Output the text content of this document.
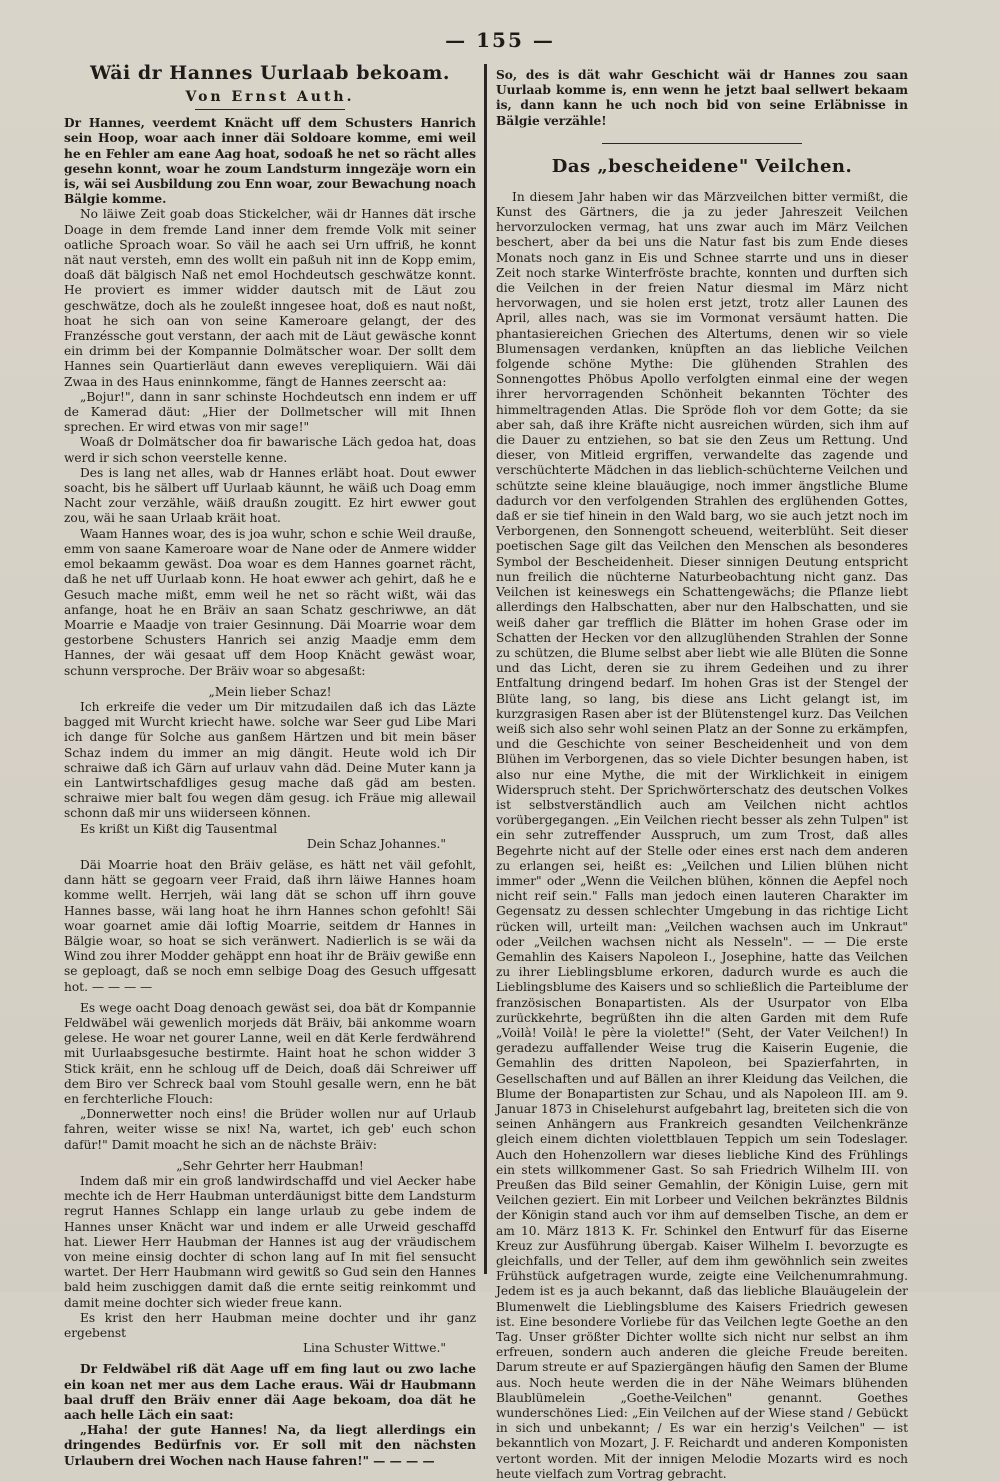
— 155 —
Wäi dr Hannes Uurlaab bekoam.
Von Ernst Auth.

Dr Hannes, veerdemt Knächt uff dem Schusters Hanrich sein Hoop, woar aach inner däi Soldoare komme, emi weil he en Fehler am eane Aag hoat, sodoaß he net so rächt alles gesehn konnt, woar he zoum Landsturm inngezäje worn ein is, wäi sei Ausbildung zou Enn woar, zour Bewachung noach Bälgie komme.

No läiwe Zeit goab doas Stickelcher, wäi dr Hannes dät irsche Doage in dem fremde Land inner dem fremde Volk mit seiner oatliche Sproach woar. So väil he aach sei Urn uffriß, he konnt nät naut versteh, emn des wollt ein paßuh nit inn de Kopp emim, doaß dät bälgisch Naß net emol Hochdeutsch geschwätze konnt. He proviert es immer widder dautsch mit de Läut zou geschwätze, doch als he zouleßt inngesee hoat, doß es naut noßt, hoat he sich oan von seine Kameroare gelangt, der des Franzéssche gout verstann, der aach mit de Läut gewäsche konnt ein drimm bei der Kompannie Dolmätscher woar. Der sollt dem Hannes sein Quartierläut dann eweves verepliquiern. Wäi däi Zwaa in des Haus eninnkomme, fängt de Hannes zeerscht aa:

„Bojur!", dann in sanr schinste Hochdeutsch enn indem er uff de Kamerad däut: „Hier der Dollmetscher will mit Ihnen sprechen. Er wird etwas von mir sage!"

Woaß dr Dolmätscher doa fir bawarische Läch gedoa hat, doas werd ir sich schon veerstelle kenne.

Des is lang net alles, wab dr Hannes erläbt hoat. Dout ewwer soacht, bis he sälbert uff Uurlaab käunnt, he wäiß uch Doag emm Nacht zour verzähle, wäiß draußn zougitt. Ez hirt ewwer gout zou, wäi he saan Urlaab kräit hoat.

Waam Hannes woar, des is joa wuhr, schon e schie Weil drauße, emm von saane Kameroare woar de Nane oder de Anmere widder emol bekaamm gewäst. Doa woar es dem Hannes goarnet rächt, daß he net uff Uurlaab konn. He hoat ewwer ach gehirt, daß he e Gesuch mache mißt, emm weil he net so rächt wißt, wäi das anfange, hoat he en Bräiv an saan Schatz geschriwwe, an dät Moarrie e Maadje von traier Gesinnung. Däi Moarrie woar dem gestorbene Schusters Hanrich sei anzig Maadje emm dem Hannes, der wäi gesaat uff dem Hoop Knächt gewäst woar, schunn versproche. Der Bräiv woar so abgesaßt:

„Mein lieber Schaz!

Ich erkreife die veder um Dir mitzudailen daß ich das Läzte bagged mit Wurcht kriecht hawe. solche war Seer gud Libe Mari ich dange für Solche aus ganßem Härtzen und bit mein bäser Schaz indem du immer an mig dängit. Heute wold ich Dir schraiwe daß ich Gärn auf urlauv vahn däd. Deine Muter kann ja ein Lantwirtschafdliges gesug mache daß gäd am besten. schraiwe mier balt fou wegen däm gesug. ich Fräue mig allewail schonn daß mir uns wiiderseen können.

Es krißt un Kißt dig Tausentmal

Dein Schaz Johannes."

Däi Moarrie hoat den Bräiv geläse, es hätt net väil gefohlt, dann hätt se gegoarn veer Fraid, daß ihrn läiwe Hannes hoam komme wellt. Herrjeh, wäi lang dät se schon uff ihrn gouve Hannes basse, wäi lang hoat he ihrn Hannes schon gefohlt! Säi woar goarnet amie däi loftig Moarrie, seitdem dr Hannes in Bälgie woar, so hoat se sich veränwert. Nadierlich is se wäi da Wind zou ihrer Modder gehäppt enn hoat ihr de Bräiv gewiße enn se geploagt, daß se noch emn selbige Doag des Gesuch uffgesatt hot. — — — —

Es wege oacht Doag denoach gewäst sei, doa bät dr Kompannie Feldwäbel wäi gewenlich morjeds dät Bräiv, bäi ankomme woarn gelese. He woar net gourer Lanne, weil en dät Kerle ferdwährend mit Uurlaabsgesuche bestirmte. Haint hoat he schon widder 3 Stick kräit, enn he schloug uff de Deich, doaß däi Schreiwer uff dem Biro ver Schreck baal vom Stouhl gesalle wern, enn he bät en ferchterliche Flouch:

„Donnerwetter noch eins! die Brüder wollen nur auf Urlaub fahren, weiter wisse se nix! Na, wartet, ich geb' euch schon dafür!" Damit moacht he sich an de nächste Bräiv:

„Sehr Gehrter herr Haubman!

Indem daß mir ein groß landwirdschaffd und viel Aecker habe mechte ich de Herr Haubman unterdäunigst bitte dem Landsturm regrut Hannes Schlapp ein lange urlaub zu gebe indem de Hannes unser Knächt war und indem er alle Urweid geschaffd hat. Liewer Herr Haubman der Hannes ist aug der vräudischem von meine einsig dochter di schon lang auf In mit fiel sensucht wartet. Der Herr Haubmann wird gewitß so Gud sein den Hannes bald heim zuschiggen damit daß die ernte seitig reinkommt und damit meine dochter sich wieder freue kann.

Es krist den herr Haubman meine dochter und ihr ganz ergebenst

Lina Schuster Wittwe."

Dr Feldwäbel riß dät Aage uff em fing laut ou zwo lache ein koan net mer aus dem Lache eraus. Wäi dr Haubmann baal druff den Bräiv enner däi Aage bekoam, doa dät he aach helle Läch ein saat:

„Haha! der gute Hannes! Na, da liegt allerdings ein dringendes Bedürfnis vor. Er soll mit den nächsten Urlaubern drei Wochen nach Hause fahren!" — — — —

So, des is dät wahr Geschicht wäi dr Hannes zou saan Uurlaab komme is, enn wenn he jetzt baal sellwert bekaam is, dann kann he uch noch bid von seine Erläbnisse in Bälgie verzähle!

Das „bescheidene" Veilchen.

In diesem Jahr haben wir das Märzveilchen bitter vermißt, die Kunst des Gärtners, die ja zu jeder Jahreszeit Veilchen hervorzulocken vermag, hat uns zwar auch im März Veilchen beschert, aber da bei uns die Natur fast bis zum Ende dieses Monats noch ganz in Eis und Schnee starrte und uns in dieser Zeit noch starke Winterfröste brachte, konnten und durften sich die Veilchen in der freien Natur diesmal im März nicht hervorwagen, und sie holen erst jetzt, trotz aller Launen des April, alles nach, was sie im Vormonat versäumt hatten. Die phantasiereichen Griechen des Altertums, denen wir so viele Blumensagen verdanken, knüpften an das liebliche Veilchen folgende schöne Mythe: Die glühenden Strahlen des Sonnengottes Phöbus Apollo verfolgten einmal eine der wegen ihrer hervorragenden Schönheit bekannten Töchter des himmeltragenden Atlas. Die Spröde floh vor dem Gotte; da sie aber sah, daß ihre Kräfte nicht ausreichen würden, sich ihm auf die Dauer zu entziehen, so bat sie den Zeus um Rettung. Und dieser, von Mitleid ergriffen, verwandelte das zagende und verschüchterte Mädchen in das lieblich-schüchterne Veilchen und schützte seine kleine blauäugige, noch immer ängstliche Blume dadurch vor den verfolgenden Strahlen des erglühenden Gottes, daß er sie tief hinein in den Wald barg, wo sie auch jetzt noch im Verborgenen, den Sonnengott scheuend, weiterblüht. Seit dieser poetischen Sage gilt das Veilchen den Menschen als besonderes Symbol der Bescheidenheit. Dieser sinnigen Deutung entspricht nun freilich die nüchterne Naturbeobachtung nicht ganz. Das Veilchen ist keineswegs ein Schattengewächs; die Pflanze liebt allerdings den Halbschatten, aber nur den Halbschatten, und sie weiß daher gar trefflich die Blätter im hohen Grase oder im Schatten der Hecken vor den allzuglühenden Strahlen der Sonne zu schützen, die Blume selbst aber liebt wie alle Blüten die Sonne und das Licht, deren sie zu ihrem Gedeihen und zu ihrer Entfaltung dringend bedarf. Im hohen Gras ist der Stengel der Blüte lang, so lang, bis diese ans Licht gelangt ist, im kurzgrasigen Rasen aber ist der Blütenstengel kurz. Das Veilchen weiß sich also sehr wohl seinen Platz an der Sonne zu erkämpfen, und die Geschichte von seiner Bescheidenheit und von dem Blühen im Verborgenen, das so viele Dichter besungen haben, ist also nur eine Mythe, die mit der Wirklichkeit in einigem Widerspruch steht. Der Sprichwörterschatz des deutschen Volkes ist selbstverständlich auch am Veilchen nicht achtlos vorübergegangen. „Ein Veilchen riecht besser als zehn Tulpen" ist ein sehr zutreffender Ausspruch, um zum Trost, daß alles Begehrte nicht auf der Stelle oder eines erst nach dem anderen zu erlangen sei, heißt es: „Veilchen und Lilien blühen nicht immer" oder „Wenn die Veilchen blühen, können die Aepfel noch nicht reif sein." Falls man jedoch einen lauteren Charakter im Gegensatz zu dessen schlechter Umgebung in das richtige Licht rücken will, urteilt man: „Veilchen wachsen auch im Unkraut" oder „Veilchen wachsen nicht als Nesseln". — — Die erste Gemahlin des Kaisers Napoleon I., Josephine, hatte das Veilchen zu ihrer Lieblingsblume erkoren, dadurch wurde es auch die Lieblingsblume des Kaisers und so schließlich die Parteiblume der französischen Bonapartisten. Als der Usurpator von Elba zurückkehrte, begrüßten ihn die alten Garden mit dem Rufe „Voilà! Voilà! le père la violette!" (Seht, der Vater Veilchen!) In geradezu auffallender Weise trug die Kaiserin Eugenie, die Gemahlin des dritten Napoleon, bei Spazierfahrten, in Gesellschaften und auf Bällen an ihrer Kleidung das Veilchen, die Blume der Bonapartisten zur Schau, und als Napoleon III. am 9. Januar 1873 in Chiselehurst aufgebahrt lag, breiteten sich die von seinen Anhängern aus Frankreich gesandten Veilchenkränze gleich einem dichten violettblauen Teppich um sein Todeslager. Auch den Hohenzollern war dieses liebliche Kind des Frühlings ein stets willkommener Gast. So sah Friedrich Wilhelm III. von Preußen das Bild seiner Gemahlin, der Königin Luise, gern mit Veilchen geziert. Ein mit Lorbeer und Veilchen bekränztes Bildnis der Königin stand auch vor ihm auf demselben Tische, an dem er am 10. März 1813 K. Fr. Schinkel den Entwurf für das Eiserne Kreuz zur Ausführung übergab. Kaiser Wilhelm I. bevorzugte es gleichfalls, und der Teller, auf dem ihm gewöhnlich sein zweites Frühstück aufgetragen wurde, zeigte eine Veilchenumrahmung. Jedem ist es ja auch bekannt, daß das liebliche Blauäugelein der Blumenwelt die Lieblingsblume des Kaisers Friedrich gewesen ist. Eine besondere Vorliebe für das Veilchen legte Goethe an den Tag. Unser größter Dichter wollte sich nicht nur selbst an ihm erfreuen, sondern auch anderen die gleiche Freude bereiten. Darum streute er auf Spaziergängen häufig den Samen der Blume aus. Noch heute werden die in der Nähe Weimars blühenden Blaublümelein „Goethe-Veilchen" genannt. Goethes wunderschönes Lied: „Ein Veilchen auf der Wiese stand / Gebückt in sich und unbekannt; / Es war ein herzig's Veilchen" — ist bekanntlich von Mozart, J. F. Reichardt und anderen Komponisten vertont worden. Mit der innigen Melodie Mozarts wird es noch heute vielfach zum Vortrag gebracht.
